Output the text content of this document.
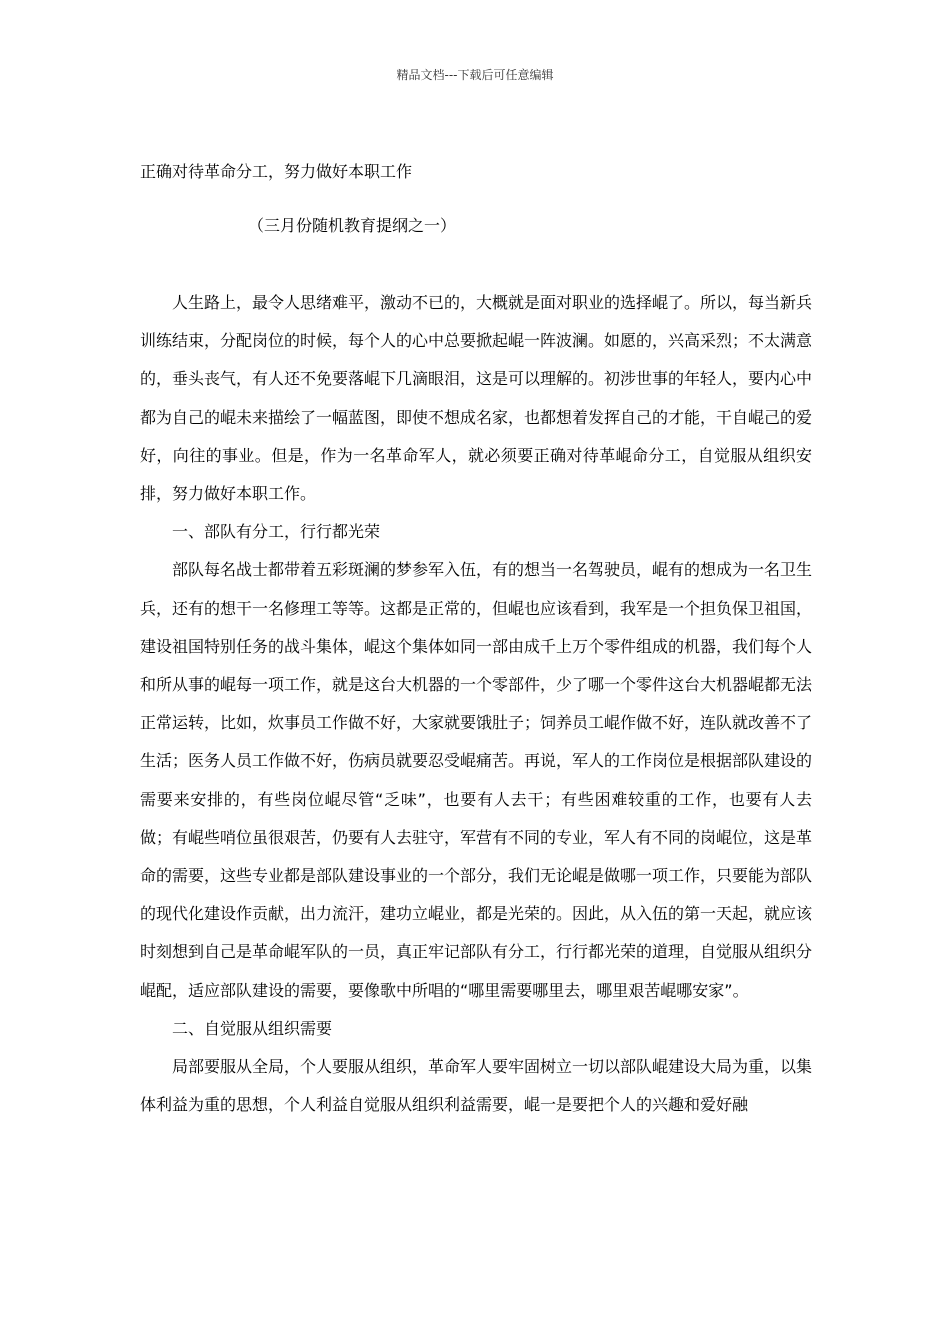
精品文档---下载后可任意编辑
正确对待革命分工，努力做好本职工作
（三月份随机教育提纲之一）

人生路上，最令人思绪难平，激动不已的，大概就是面对职业的选择崐了。所以，每当新兵训练结束，分配岗位的时候，每个人的心中总要掀起崐一阵波澜。如愿的，兴高采烈；不太满意的，垂头丧气，有人还不免要落崐下几滴眼泪，这是可以理解的。初涉世事的年轻人，要内心中都为自己的崐未来描绘了一幅蓝图，即使不想成名家，也都想着发挥自己的才能，干自崐己的爱好，向往的事业。但是，作为一名革命军人，就必须要正确对待革崐命分工，自觉服从组织安排，努力做好本职工作。

一、部队有分工，行行都光荣

部队每名战士都带着五彩斑澜的梦参军入伍，有的想当一名驾驶员，崐有的想成为一名卫生兵，还有的想干一名修理工等等。这都是正常的，但崐也应该看到，我军是一个担负保卫祖国，建设祖国特别任务的战斗集体，崐这个集体如同一部由成千上万个零件组成的机器，我们每个人和所从事的崐每一项工作，就是这台大机器的一个零部件，少了哪一个零件这台大机器崐都无法正常运转，比如，炊事员工作做不好，大家就要饿肚子；饲养员工崐作做不好，连队就改善不了生活；医务人员工作做不好，伤病员就要忍受崐痛苦。再说，军人的工作岗位是根据部队建设的需要来安排的，有些岗位崐尽管“乏味”，也要有人去干；有些困难较重的工作，也要有人去做；有崐些哨位虽很艰苦，仍要有人去驻守，军营有不同的专业，军人有不同的岗崐位，这是革命的需要，这些专业都是部队建设事业的一个部分，我们无论崐是做哪一项工作，只要能为部队的现代化建设作贡献，出力流汗，建功立崐业，都是光荣的。因此，从入伍的第一天起，就应该时刻想到自己是革命崐军队的一员，真正牢记部队有分工，行行都光荣的道理，自觉服从组织分崐配，适应部队建设的需要，要像歌中所唱的“哪里需要哪里去，哪里艰苦崐哪安家”。

二、自觉服从组织需要

局部要服从全局，个人要服从组织，革命军人要牢固树立一切以部队崐建设大局为重，以集体利益为重的思想，个人利益自觉服从组织利益需要，崐一是要把个人的兴趣和爱好融
